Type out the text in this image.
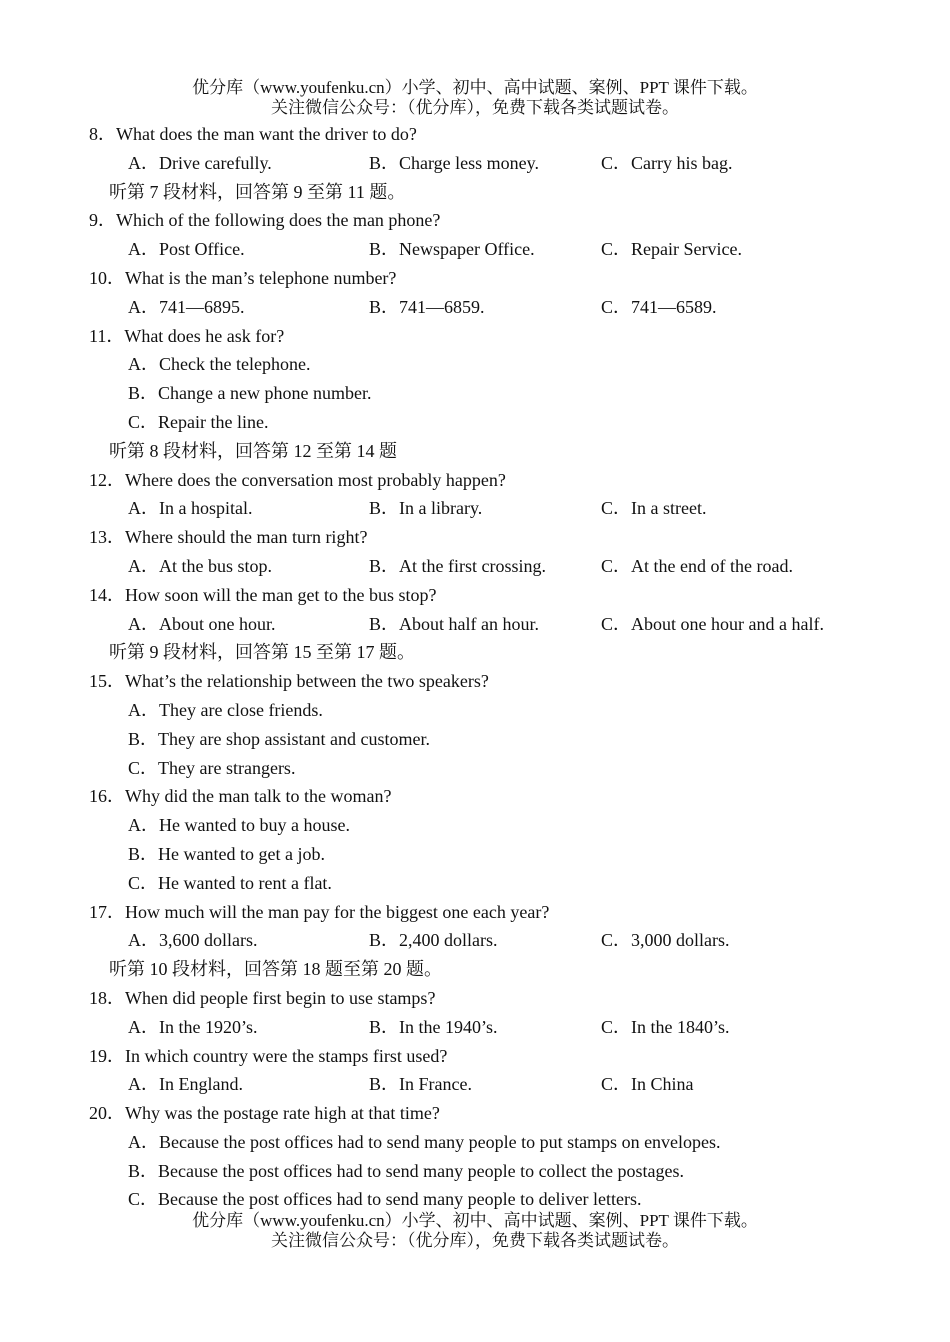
优分库（www.youfenku.cn）小学、初中、高中试题、案例、PPT 课件下载。
关注微信公众号：（优分库），免费下载各类试题试卷。
8．What does the man want the driver to do?
A．Drive carefully.	B．Charge less money.	C．Carry his bag.
听第 7 段材料，回答第 9 至第 11 题。
9．Which of the following does the man phone?
A．Post Office.	B．Newspaper Office.	C．Repair Service.
10．What is the man’s telephone number?
A．741—6895.	B．741—6859.	C．741—6589.
11．What does he ask for?
A．Check the telephone.
B．Change a new phone number.
C．Repair the line.
听第 8 段材料，回答第 12 至第 14 题
12．Where does the conversation most probably happen?
A．In a hospital.	B．In a library.	C．In a street.
13．Where should the man turn right?
A．At the bus stop.	B．At the first crossing.	C．At the end of the road.
14．How soon will the man get to the bus stop?
A．About one hour.	B．About half an hour.	C．About one hour and a half.
听第 9 段材料，回答第 15 至第 17 题。
15．What’s the relationship between the two speakers?
A．They are close friends.
B．They are shop assistant and customer.
C．They are strangers.
16．Why did the man talk to the woman?
A．He wanted to buy a house.
B．He wanted to get a job.
C．He wanted to rent a flat.
17．How much will the man pay for the biggest one each year?
A．3,600 dollars.	B．2,400 dollars.	C．3,000 dollars.
听第 10 段材料，回答第 18 题至第 20 题。
18．When did people first begin to use stamps?
A．In the 1920’s.	B．In the 1940’s.	C．In the 1840’s.
19．In which country were the stamps first used?
A．In England.	B．In France.	C．In China
20．Why was the postage rate high at that time?
A．Because the post offices had to send many people to put stamps on envelopes.
B．Because the post offices had to send many people to collect the postages.
C．Because the post offices had to send many people to deliver letters.
优分库（www.youfenku.cn）小学、初中、高中试题、案例、PPT 课件下载。
关注微信公众号：（优分库），免费下载各类试题试卷。
